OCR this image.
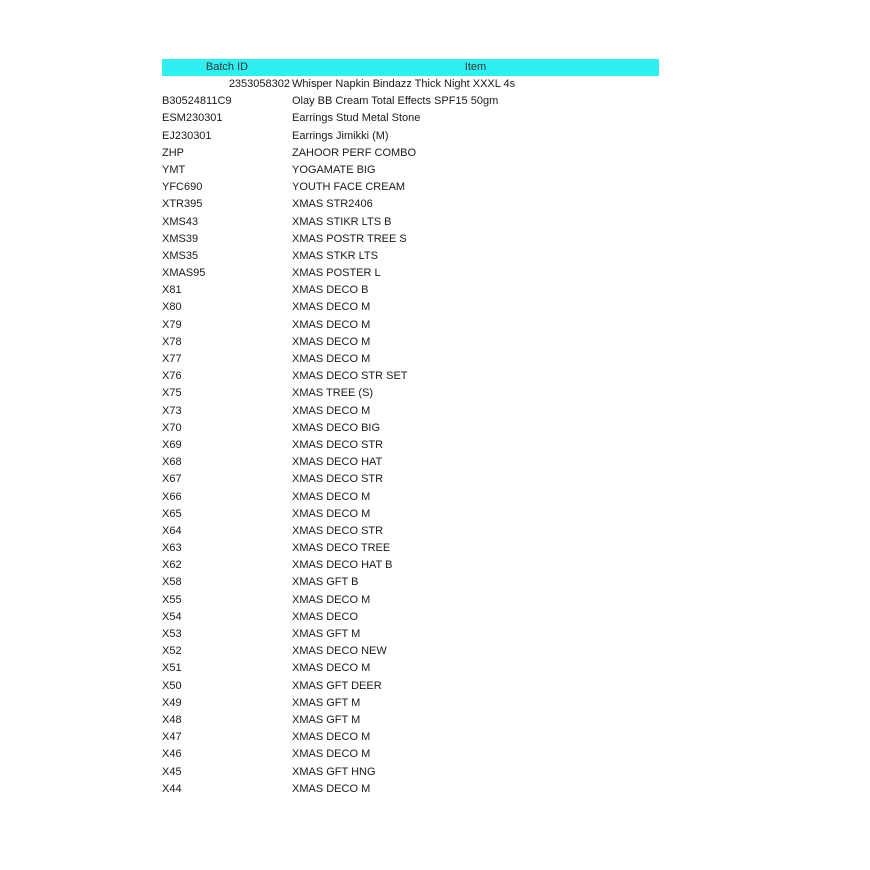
Batch ID	Item
2353058302 Whisper Napkin Bindazz Thick Night XXXL 4s
B30524811C9	Olay BB Cream Total Effects SPF15 50gm
ESM230301	Earrings Stud Metal Stone
EJ230301	Earrings Jimikki (M)
ZHP	ZAHOOR PERF COMBO
YMT	YOGAMATE BIG
YFC690	YOUTH FACE CREAM
XTR395	XMAS STR2406
XMS43	XMAS STIKR LTS B
XMS39	XMAS POSTR TREE S
XMS35	XMAS STKR LTS
XMAS95	XMAS POSTER L
X81	XMAS DECO B
X80	XMAS DECO M
X79	XMAS DECO M
X78	XMAS DECO M
X77	XMAS DECO M
X76	XMAS DECO STR SET
X75	XMAS TREE (S)
X73	XMAS DECO M
X70	XMAS DECO BIG
X69	XMAS DECO STR
X68	XMAS DECO HAT
X67	XMAS DECO STR
X66	XMAS DECO M
X65	XMAS DECO M
X64	XMAS DECO STR
X63	XMAS DECO TREE
X62	XMAS DECO HAT B
X58	XMAS GFT B
X55	XMAS DECO M
X54	XMAS DECO
X53	XMAS GFT M
X52	XMAS DECO NEW
X51	XMAS DECO M
X50	XMAS GFT DEER
X49	XMAS GFT M
X48	XMAS GFT M
X47	XMAS DECO M
X46	XMAS DECO M
X45	XMAS GFT HNG
X44	XMAS DECO M
